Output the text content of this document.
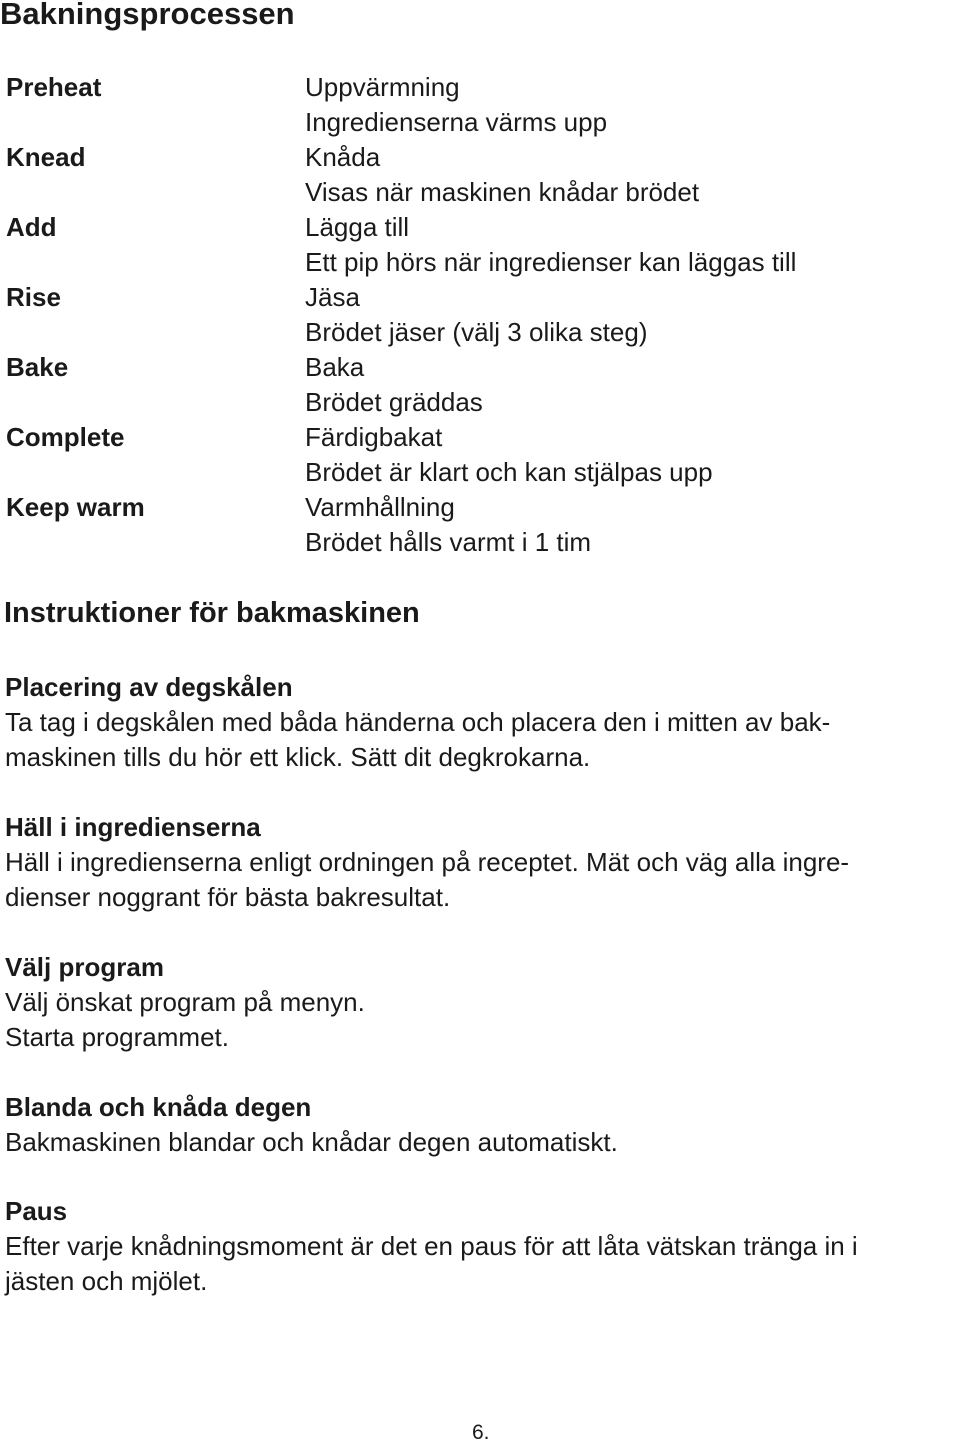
Bakningsprocessen
Preheat	Uppvärmning
Ingredienserna värms upp
Knead	Knåda
Visas när maskinen knådar brödet
Add	Lägga till
Ett pip hörs när ingredienser kan läggas till
Rise	Jäsa
Brödet jäser (välj 3 olika steg)
Bake	Baka
Brödet gräddas
Complete	Färdigbakat
Brödet är klart och kan stjälpas upp
Keep warm	Varmhållning
Brödet hålls varmt i 1 tim
Instruktioner för bakmaskinen
Placering av degskålen
Ta tag i degskålen med båda händerna och placera den i mitten av bak-
maskinen tills du hör ett klick. Sätt dit degkrokarna.
Häll i ingredienserna
Häll i ingredienserna enligt ordningen på receptet. Mät och väg alla ingre-
dienser noggrant för bästa bakresultat.
Välj program
Välj önskat program på menyn.
Starta programmet.
Blanda och knåda degen
Bakmaskinen blandar och knådar degen automatiskt.
Paus
Efter varje knådningsmoment är det en paus för att låta vätskan tränga in i
jästen och mjölet.
6.
